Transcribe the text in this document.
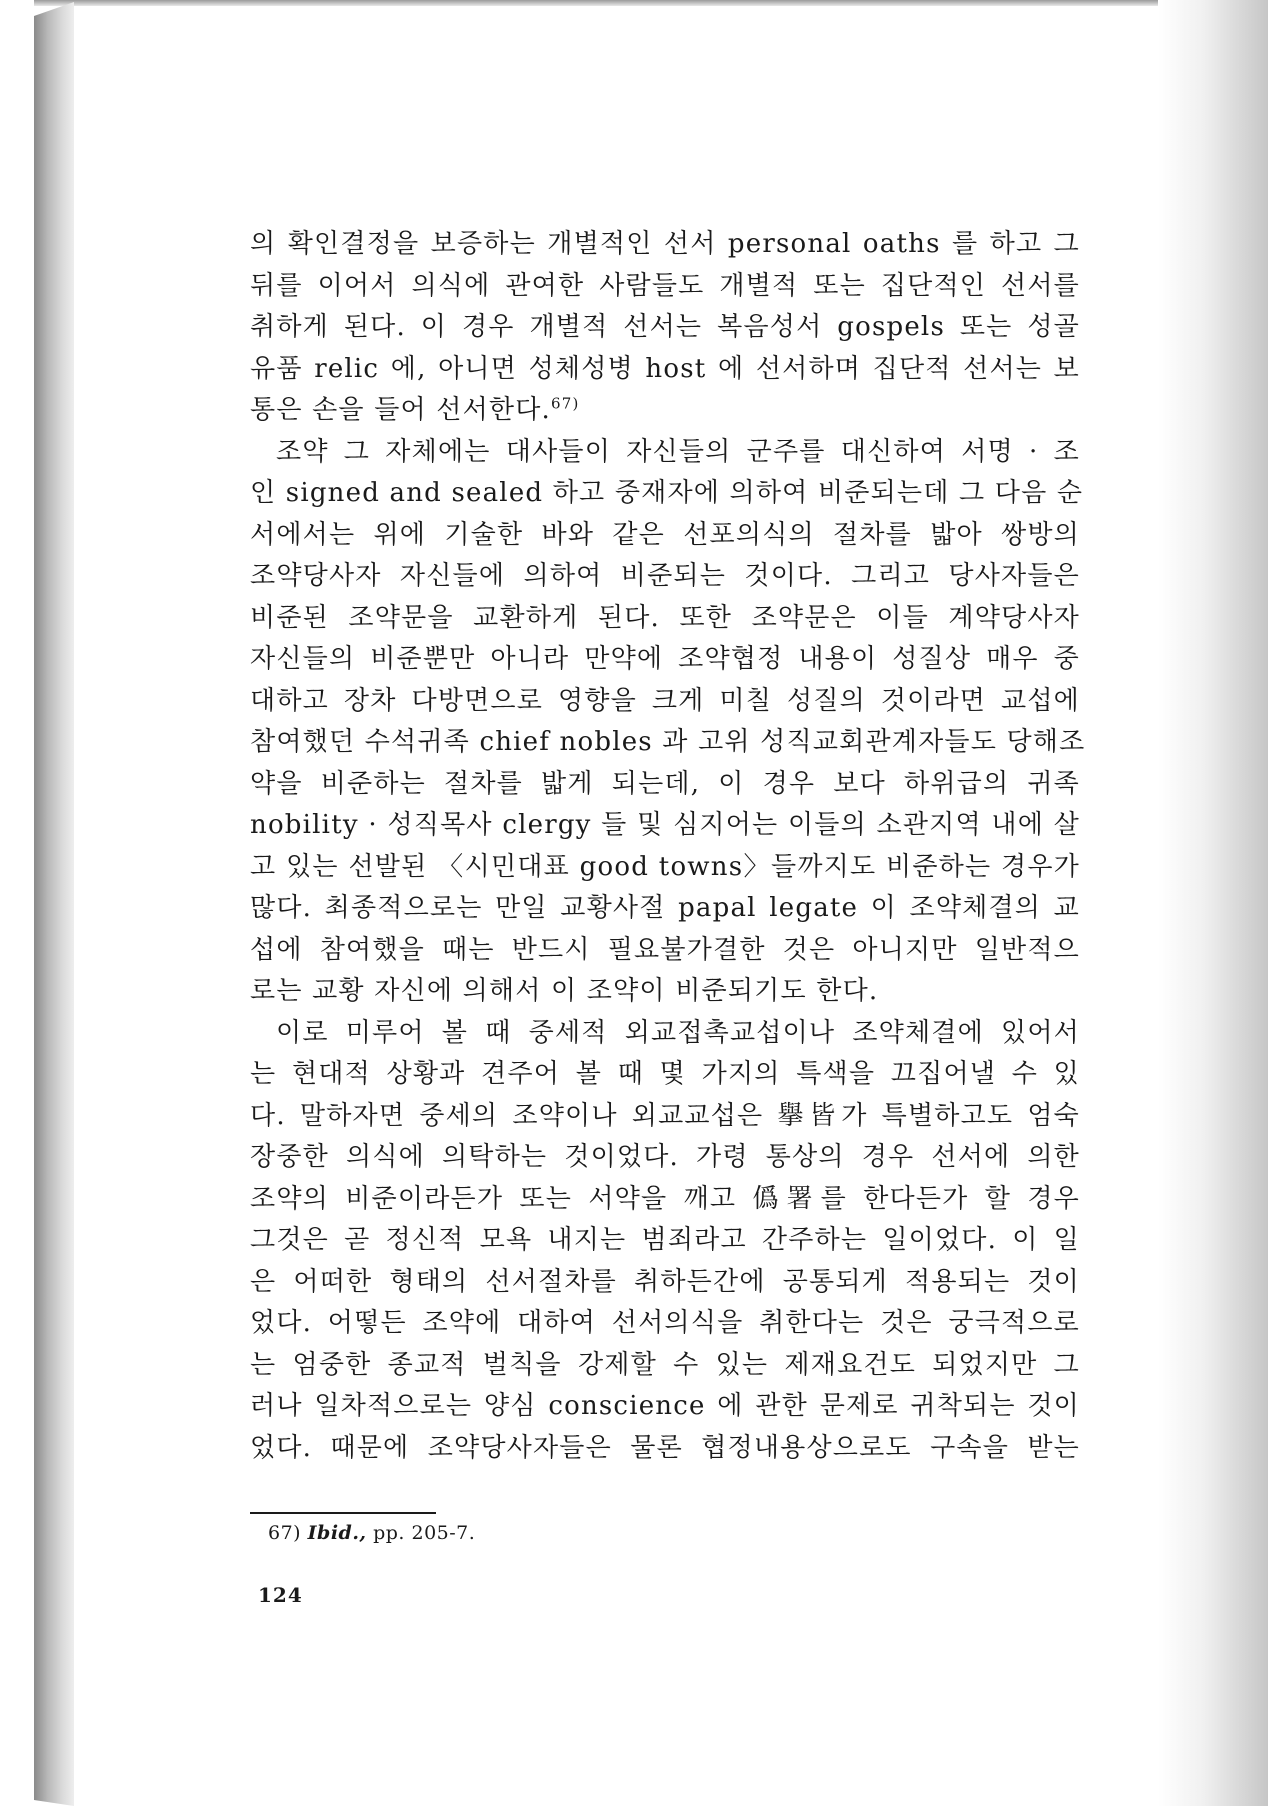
의 확인결정을 보증하는 개별적인 선서 personal oaths 를 하고 그
뒤를 이어서 의식에 관여한 사람들도 개별적 또는 집단적인 선서를
취하게 된다. 이 경우 개별적 선서는 복음성서 gospels 또는 성골
유품 relic 에, 아니면 성체성병 host 에 선서하며 집단적 선서는 보
통은 손을 들어 선서한다.$^{67)}$
조약 그 자체에는 대사들이 자신들의 군주를 대신하여 서명 · 조
인 signed and sealed 하고 중재자에 의하여 비준되는데 그 다음 순
서에서는 위에 기술한 바와 같은 선포의식의 절차를 밟아 쌍방의
조약당사자 자신들에 의하여 비준되는 것이다. 그리고 당사자들은
비준된 조약문을 교환하게 된다. 또한 조약문은 이들 계약당사자
자신들의 비준뿐만 아니라 만약에 조약협정 내용이 성질상 매우 중
대하고 장차 다방면으로 영향을 크게 미칠 성질의 것이라면 교섭에
참여했던 수석귀족 chief nobles 과 고위 성직교회관계자들도 당해조
약을 비준하는 절차를 밟게 되는데, 이 경우 보다 하위급의 귀족
nobility · 성직목사 clergy 들 및 심지어는 이들의 소관지역 내에 살
고 있는 선발된 〈시민대표 good towns〉들까지도 비준하는 경우가
많다. 최종적으로는 만일 교황사절 papal legate 이 조약체결의 교
섭에 참여했을 때는 반드시 필요불가결한 것은 아니지만 일반적으
로는 교황 자신에 의해서 이 조약이 비준되기도 한다.
이로 미루어 볼 때 중세적 외교접촉교섭이나 조약체결에 있어서
는 현대적 상황과 견주어 볼 때 몇 가지의 특색을 끄집어낼 수 있
다. 말하자면 중세의 조약이나 외교교섭은 擧皆가 특별하고도 엄숙
장중한 의식에 의탁하는 것이었다. 가령 통상의 경우 선서에 의한
조약의 비준이라든가 또는 서약을 깨고 僞署를 한다든가 할 경우
그것은 곧 정신적 모욕 내지는 범죄라고 간주하는 일이었다. 이 일
은 어떠한 형태의 선서절차를 취하든간에 공통되게 적용되는 것이
었다. 어떻든 조약에 대하여 선서의식을 취한다는 것은 궁극적으로
는 엄중한 종교적 벌칙을 강제할 수 있는 제재요건도 되었지만 그
러나 일차적으로는 양심 conscience 에 관한 문제로 귀착되는 것이
었다. 때문에 조약당사자들은 물론 협정내용상으로도 구속을 받는
67) Ibid., pp. 205-7.
124
